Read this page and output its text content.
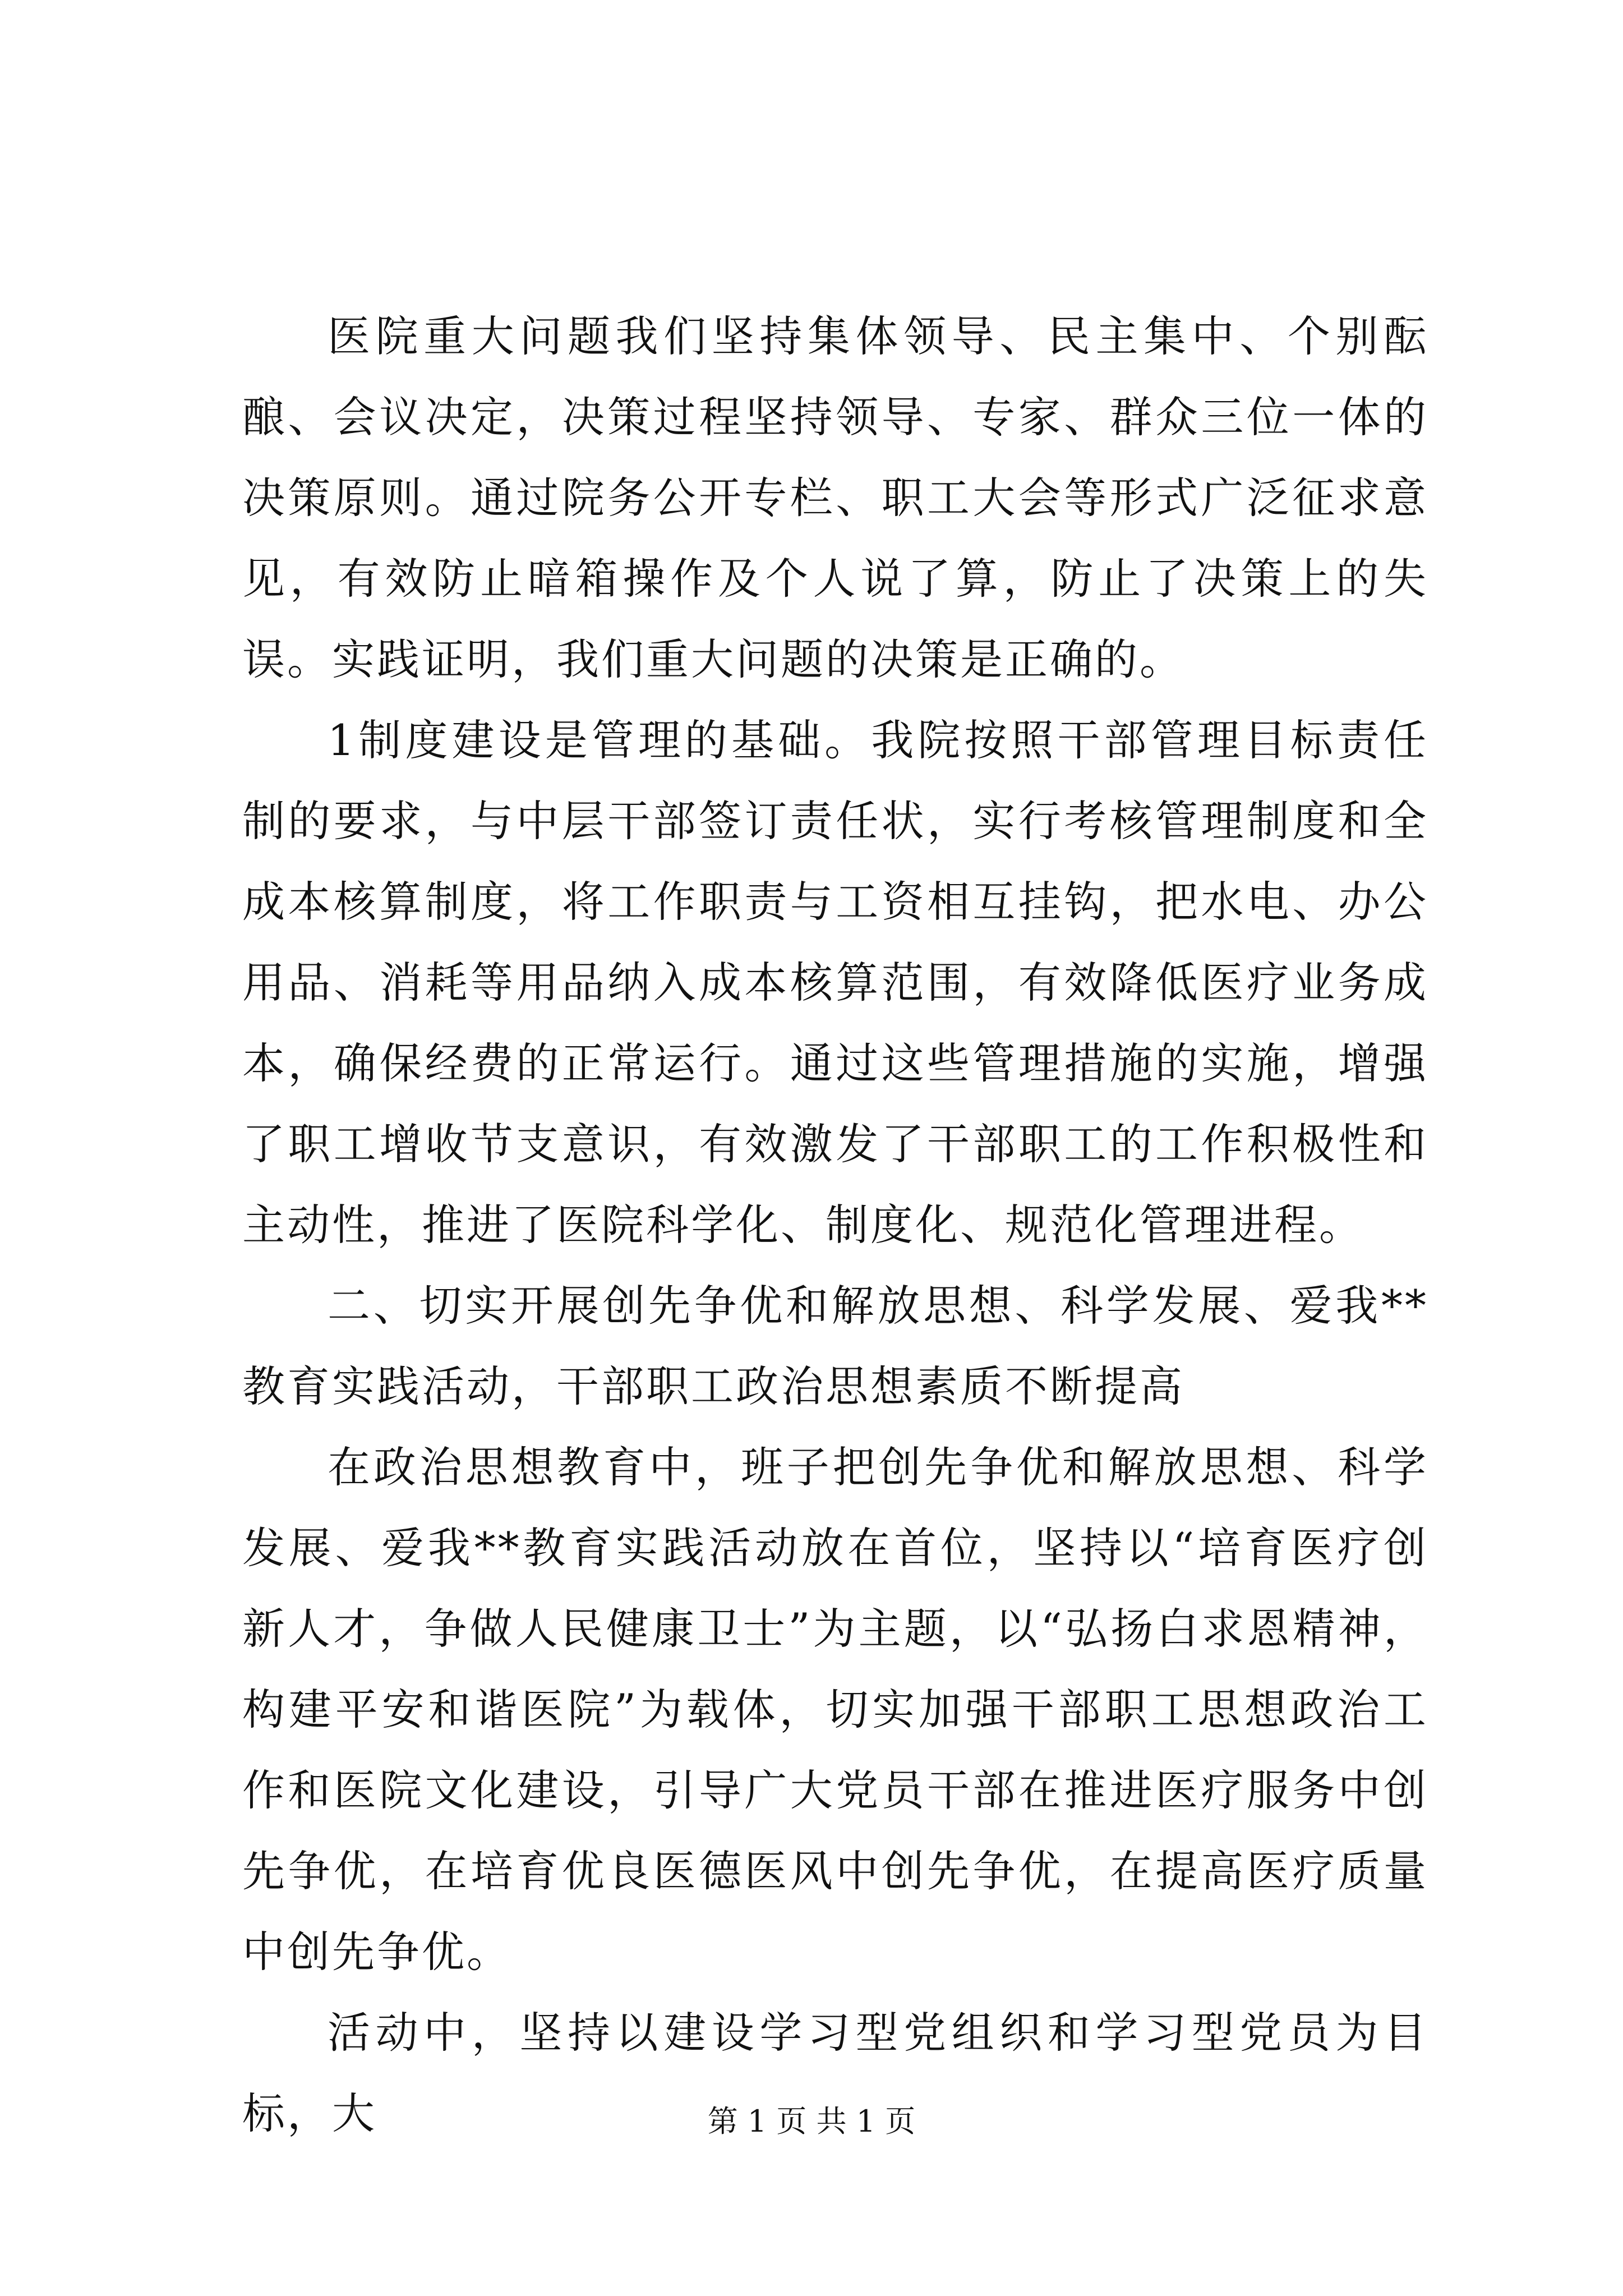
医院重大问题我们坚持集体领导、民主集中、个别酝酿、会议决定，决策过程坚持领导、专家、群众三位一体的决策原则。通过院务公开专栏、职工大会等形式广泛征求意见，有效防止暗箱操作及个人说了算，防止了决策上的失误。实践证明，我们重大问题的决策是正确的。

1制度建设是管理的基础。我院按照干部管理目标责任制的要求，与中层干部签订责任状，实行考核管理制度和全成本核算制度，将工作职责与工资相互挂钩，把水电、办公用品、消耗等用品纳入成本核算范围，有效降低医疗业务成本，确保经费的正常运行。通过这些管理措施的实施，增强了职工增收节支意识，有效激发了干部职工的工作积极性和主动性，推进了医院科学化、制度化、规范化管理进程。

二、切实开展创先争优和解放思想、科学发展、爱我**教育实践活动，干部职工政治思想素质不断提高

在政治思想教育中，班子把创先争优和解放思想、科学发展、爱我**教育实践活动放在首位，坚持以“培育医疗创新人才，争做人民健康卫士”为主题，以“弘扬白求恩精神，构建平安和谐医院”为载体，切实加强干部职工思想政治工作和医院文化建设，引导广大党员干部在推进医疗服务中创先争优，在培育优良医德医风中创先争优，在提高医疗质量中创先争优。

活动中，坚持以建设学习型党组织和学习型党员为目标，大	第 1 页 共 1 页
